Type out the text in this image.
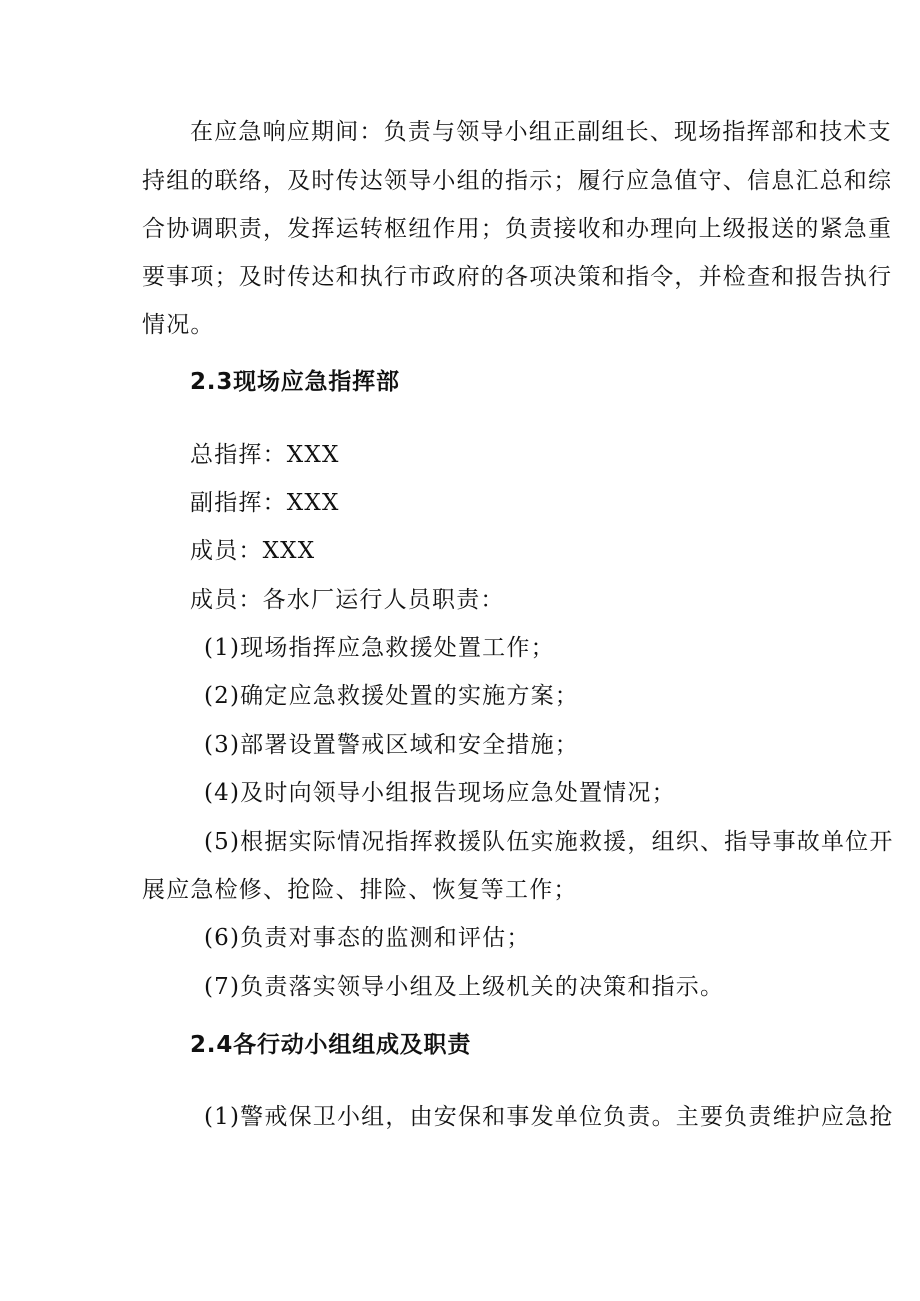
在应急响应期间：负责与领导小组正副组长、现场指挥部和技术支
持组的联络，及时传达领导小组的指示；履行应急值守、信息汇总和综
合协调职责，发挥运转枢纽作用；负责接收和办理向上级报送的紧急重
要事项；及时传达和执行市政府的各项决策和指令，并检查和报告执行
情况。
2.3现场应急指挥部
总指挥：XXX
副指挥：XXX
成员：XXX
成员：各水厂运行人员职责：
(1)现场指挥应急救援处置工作；
(2)确定应急救援处置的实施方案；
(3)部署设置警戒区域和安全措施；
(4)及时向领导小组报告现场应急处置情况；
(5)根据实际情况指挥救援队伍实施救援，组织、指导事故单位开
展应急检修、抢险、排险、恢复等工作；
(6)负责对事态的监测和评估；
(7)负责落实领导小组及上级机关的决策和指示。
2.4各行动小组组成及职责
(1)警戒保卫小组，由安保和事发单位负责。主要负责维护应急抢
